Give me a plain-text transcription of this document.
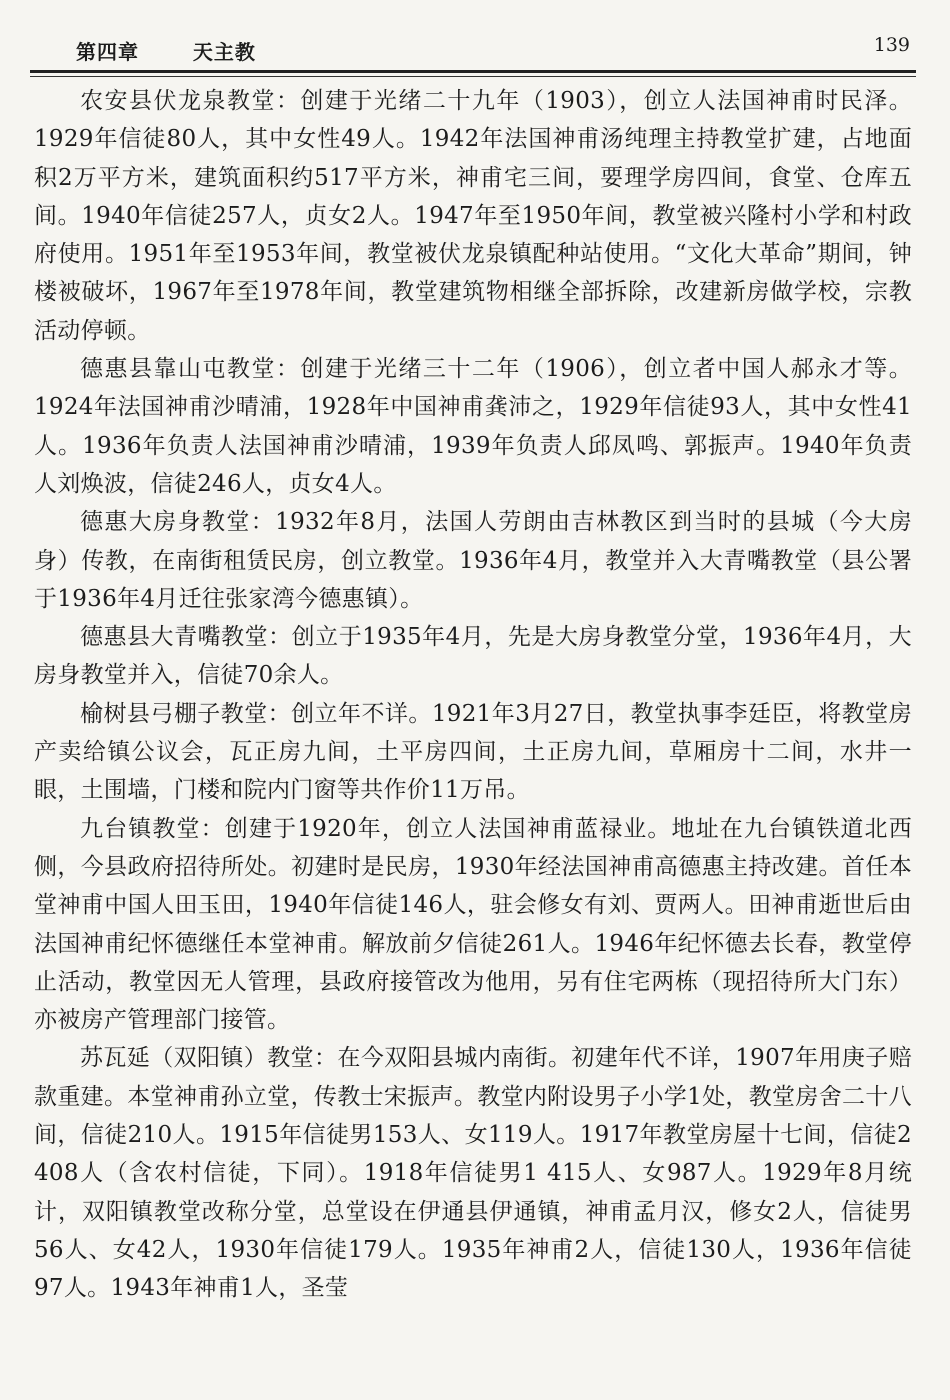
第四章   天主教	139

农安县伏龙泉教堂：创建于光绪二十九年（1903），创立人法国神甫时民泽。1929年信徒80人，其中女性49人。1942年法国神甫汤纯理主持教堂扩建，占地面积2万平方米，建筑面积约517平方米，神甫宅三间，要理学房四间，食堂、仓库五间。1940年信徒257人，贞女2人。1947年至1950年间，教堂被兴隆村小学和村政府使用。1951年至1953年间，教堂被伏龙泉镇配种站使用。“文化大革命”期间，钟楼被破坏，1967年至1978年间，教堂建筑物相继全部拆除，改建新房做学校，宗教活动停顿。

德惠县靠山屯教堂：创建于光绪三十二年（1906），创立者中国人郝永才等。1924年法国神甫沙晴浦，1928年中国神甫龚沛之，1929年信徒93人，其中女性41人。1936年负责人法国神甫沙晴浦，1939年负责人邱凤鸣、郭振声。1940年负责人刘焕波，信徒246人，贞女4人。

德惠大房身教堂：1932年8月，法国人劳朗由吉林教区到当时的县城（今大房身）传教，在南街租赁民房，创立教堂。1936年4月，教堂并入大青嘴教堂（县公署于1936年4月迁往张家湾今德惠镇）。

德惠县大青嘴教堂：创立于1935年4月，先是大房身教堂分堂，1936年4月，大房身教堂并入，信徒70余人。

榆树县弓棚子教堂：创立年不详。1921年3月27日，教堂执事李廷臣，将教堂房产卖给镇公议会，瓦正房九间，土平房四间，土正房九间，草厢房十二间，水井一眼，土围墙，门楼和院内门窗等共作价11万吊。

九台镇教堂：创建于1920年，创立人法国神甫蓝禄业。地址在九台镇铁道北西侧，今县政府招待所处。初建时是民房，1930年经法国神甫高德惠主持改建。首任本堂神甫中国人田玉田，1940年信徒146人，驻会修女有刘、贾两人。田神甫逝世后由法国神甫纪怀德继任本堂神甫。解放前夕信徒261人。1946年纪怀德去长春，教堂停止活动，教堂因无人管理，县政府接管改为他用，另有住宅两栋（现招待所大门东）亦被房产管理部门接管。

苏瓦延（双阳镇）教堂：在今双阳县城内南街。初建年代不详，1907年用庚子赔款重建。本堂神甫孙立堂，传教士宋振声。教堂内附设男子小学1处，教堂房舍二十八间，信徒210人。1915年信徒男153人、女119人。1917年教堂房屋十七间，信徒2 408人（含农村信徒，下同）。1918年信徒男1 415人、女987人。1929年8月统计，双阳镇教堂改称分堂，总堂设在伊通县伊通镇，神甫孟月汉，修女2人，信徒男56人、女42人，1930年信徒179人。1935年神甫2人，信徒130人，1936年信徒97人。1943年神甫1人，圣莹
